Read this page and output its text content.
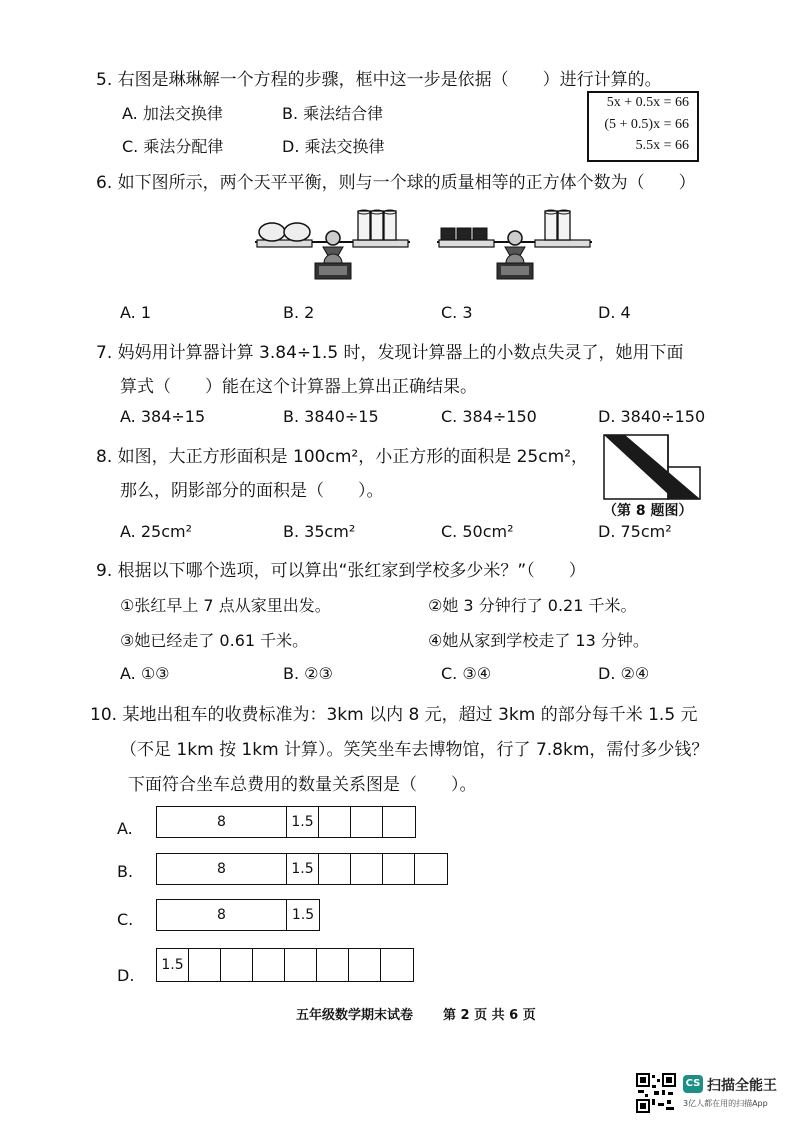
5. 右图是琳琳解一个方程的步骤，框中这一步是依据（　　）进行计算的。
A. 加法交换律	B. 乘法结合律
C. 乘法分配律	D. 乘法交换律
5x + 0.5x = 66
(5 + 0.5)x = 66
5.5x = 66
6. 如下图所示，两个天平平衡，则与一个球的质量相等的正方体个数为（　　）
A. 1	B. 2	C. 3	D. 4
7. 妈妈用计算器计算 3.84÷1.5 时，发现计算器上的小数点失灵了，她用下面
算式（　　）能在这个计算器上算出正确结果。
A. 384÷15	B. 3840÷15	C. 384÷150	D. 3840÷150
8. 如图，大正方形面积是 100cm²，小正方形的面积是 25cm²，
那么，阴影部分的面积是（　　）。
（第 8 题图）
A. 25cm²	B. 35cm²	C. 50cm²	D. 75cm²
9. 根据以下哪个选项，可以算出“张红家到学校多少米？”（　　）
①张红早上 7 点从家里出发。	②她 3 分钟行了 0.21 千米。
③她已经走了 0.61 千米。	④她从家到学校走了 13 分钟。
A. ①③	B. ②③	C. ③④	D. ②④
10. 某地出租车的收费标准为：3km 以内 8 元，超过 3km 的部分每千米 1.5 元
（不足 1km 按 1km 计算）。笑笑坐车去博物馆，行了 7.8km，需付多少钱？
下面符合坐车总费用的数量关系图是（　　）。
A.	8	1.5
B.	8	1.5
C.	8	1.5
D.
1.5
五年级数学期末试卷 第 2 页 共 6 页
CS 扫描全能王
3亿人都在用的扫描App
